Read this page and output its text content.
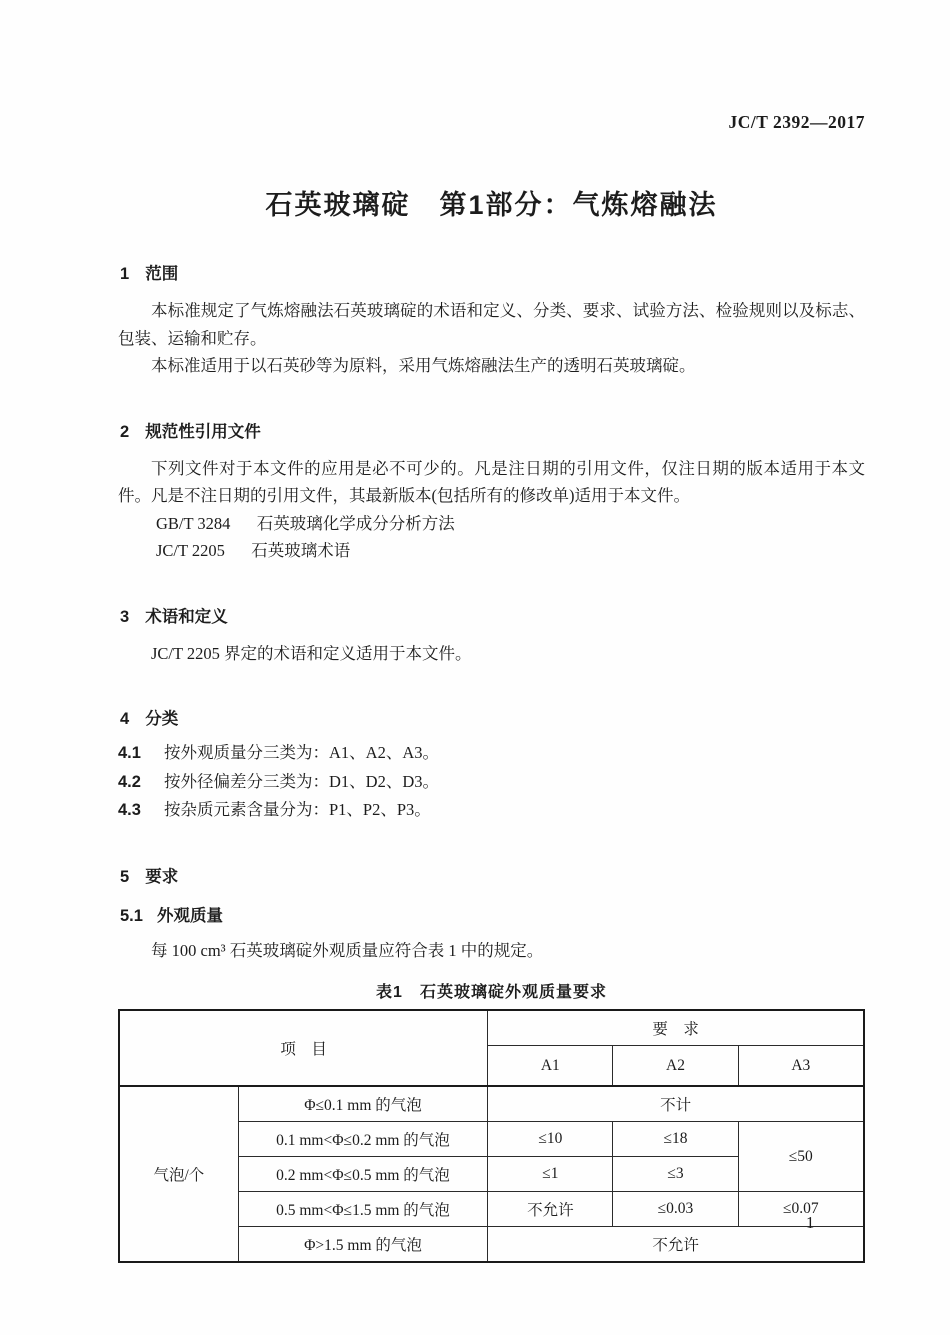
JC/T 2392—2017
石英玻璃碇　第1部分：气炼熔融法
1 范围

本标准规定了气炼熔融法石英玻璃碇的术语和定义、分类、要求、试验方法、检验规则以及标志、包装、运输和贮存。

本标准适用于以石英砂等为原料，采用气炼熔融法生产的透明石英玻璃碇。

2 规范性引用文件

下列文件对于本文件的应用是必不可少的。凡是注日期的引用文件，仅注日期的版本适用于本文件。凡是不注日期的引用文件，其最新版本(包括所有的修改单)适用于本文件。

GB/T 3284 石英玻璃化学成分分析方法

JC/T 2205 石英玻璃术语

3 术语和定义

JC/T 2205 界定的术语和定义适用于本文件。

4 分类
4.1	按外观质量分三类为：A1、A2、A3。
4.2	按外径偏差分三类为：D1、D2、D3。
4.3	按杂质元素含量分为：P1、P2、P3。
5 要求
5.1 外观质量

每 100 cm³ 石英玻璃碇外观质量应符合表 1 中的规定。

表1　石英玻璃碇外观质量要求
项　目		要　求		
		A1	A2	A3
气泡/个	Φ≤0.1 mm 的气泡	不计		
	0.1 mm<Φ≤0.2 mm 的气泡	≤10	≤18	≤50
	0.2 mm<Φ≤0.5 mm 的气泡	≤1	≤3	
	0.5 mm<Φ≤1.5 mm 的气泡	不允许	≤0.03	≤0.07
	Φ>1.5 mm 的气泡	不允许		
1
